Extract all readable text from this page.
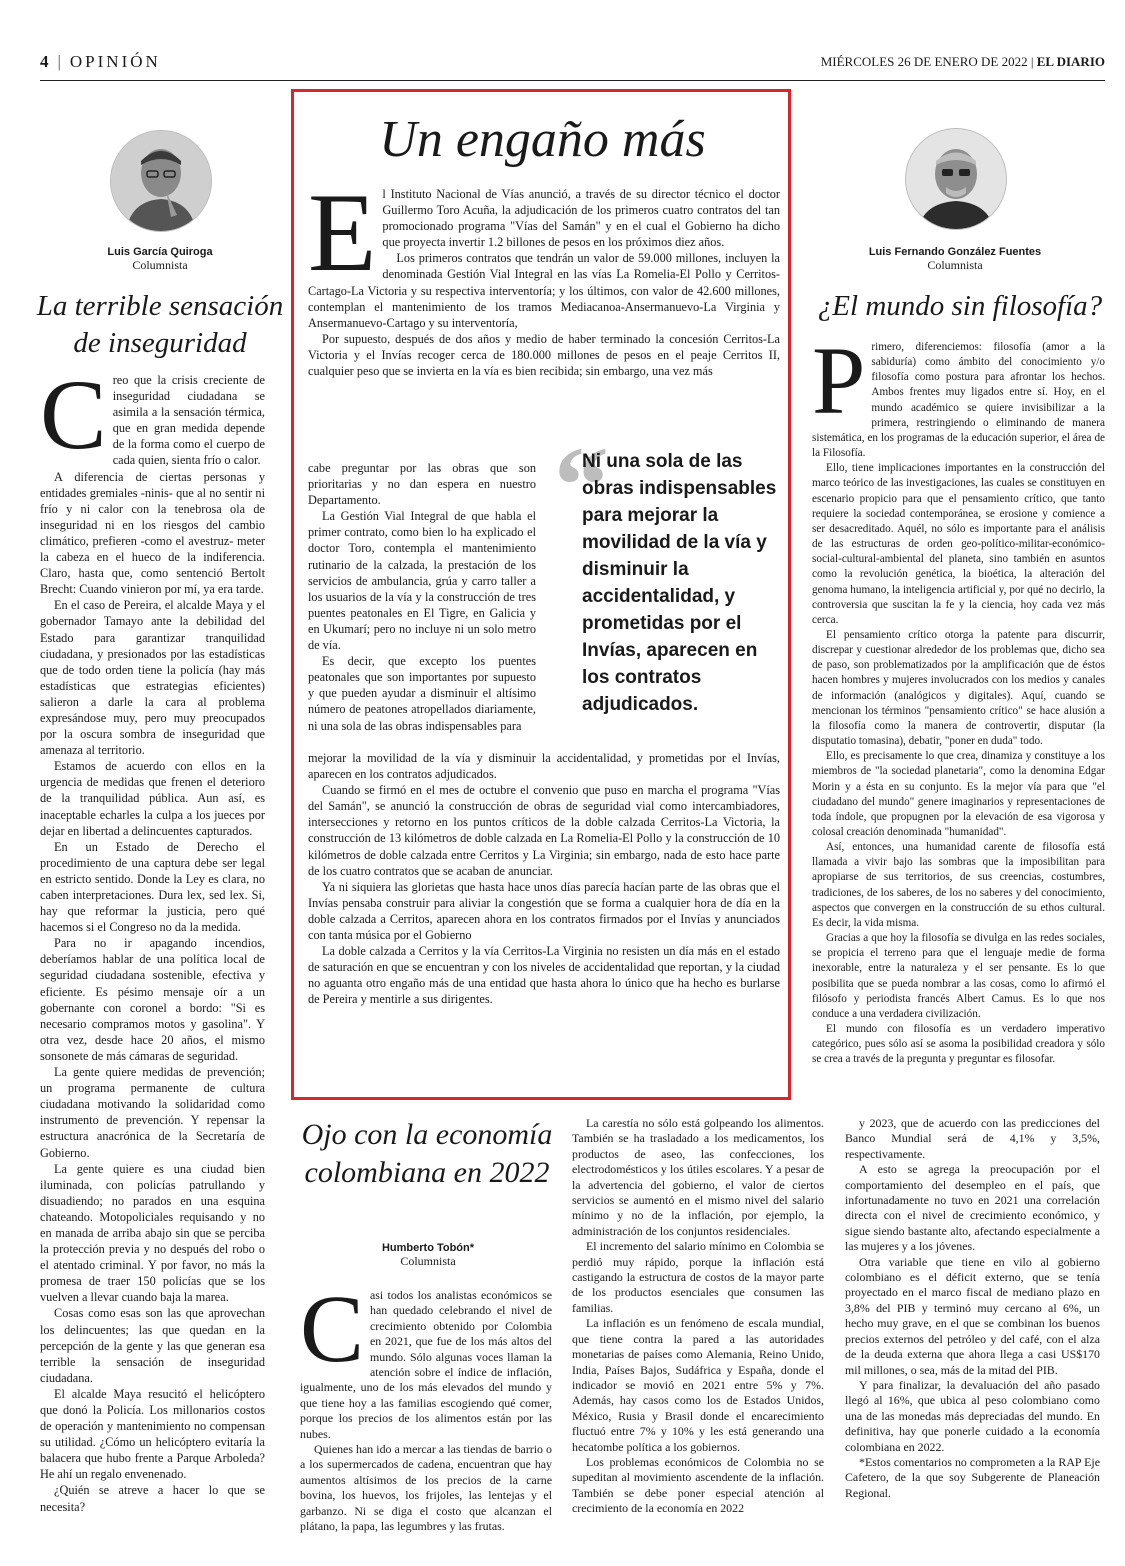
4 | OPINIÓN	MIÉRCOLES 26 DE ENERO DE 2022 | EL DIARIO
Luis García Quiroga
Columnista
La terrible sensación de inseguridad
C reo que la crisis creciente de inseguridad ciudadana se asimila a la sensación térmica, que en gran medida depende de la forma como el cuerpo de cada quien, sienta frío o calor.

A diferencia de ciertas personas y entidades gremiales -ninis- que al no sentir ni frío y ni calor con la tenebrosa ola de inseguridad ni en los riesgos del cambio climático, prefieren -como el avestruz- meter la cabeza en el hueco de la indiferencia. Claro, hasta que, como sentenció Bertolt Brecht: Cuando vinieron por mí, ya era tarde.

En el caso de Pereira, el alcalde Maya y el gobernador Tamayo ante la debilidad del Estado para garantizar tranquilidad ciudadana, y presionados por las estadísticas que de todo orden tiene la policía (hay más estadísticas que estrategias eficientes) salieron a darle la cara al problema expresándose muy, pero muy preocupados por la oscura sombra de inseguridad que amenaza al territorio.

Estamos de acuerdo con ellos en la urgencia de medidas que frenen el deterioro de la tranquilidad pública. Aun así, es inaceptable echarles la culpa a los jueces por dejar en libertad a delincuentes capturados.

En un Estado de Derecho el procedimiento de una captura debe ser legal en estricto sentido. Donde la Ley es clara, no caben interpretaciones. Dura lex, sed lex. Si, hay que reformar la justicia, pero qué hacemos si el Congreso no da la medida.

Para no ir apagando incendios, deberíamos hablar de una política local de seguridad ciudadana sostenible, efectiva y eficiente. Es pésimo mensaje oír a un gobernante con coronel a bordo: "Si es necesario compramos motos y gasolina". Y otra vez, desde hace 20 años, el mismo sonsonete de más cámaras de seguridad.

La gente quiere medidas de prevención; un programa permanente de cultura ciudadana motivando la solidaridad como instrumento de prevención. Y repensar la estructura anacrónica de la Secretaría de Gobierno.

La gente quiere es una ciudad bien iluminada, con policías patrullando y disuadiendo; no parados en una esquina chateando. Motopoliciales requisando y no en manada de arriba abajo sin que se perciba la protección previa y no después del robo o el atentado criminal. Y por favor, no más la promesa de traer 150 policías que se los vuelven a llevar cuando baja la marea.

Cosas como esas son las que aprovechan los delincuentes; las que quedan en la percepción de la gente y las que generan esa terrible la sensación de inseguridad ciudadana.

El alcalde Maya resucitó el helicóptero que donó la Policía. Los millonarios costos de operación y mantenimiento no compensan su utilidad. ¿Cómo un helicóptero evitaría la balacera que hubo frente a Parque Arboleda? He ahí un regalo envenenado.

¿Quién se atreve a hacer lo que se necesita?

Un engaño más
E l Instituto Nacional de Vías anunció, a través de su director técnico el doctor Guillermo Toro Acuña, la adjudicación de los primeros cuatro contratos del tan promocionado programa "Vías del Samán" y en el cual el Gobierno ha dicho que proyecta invertir 1.2 billones de pesos en los próximos diez años.

Los primeros contratos que tendrán un valor de 59.000 millones, incluyen la denominada Gestión Vial Integral en las vías La Romelia-El Pollo y Cerritos-Cartago-La Victoria y su respectiva interventoría; y los últimos, con valor de 42.600 millones, contemplan el mantenimiento de los tramos Mediacanoa-Ansermanuevo-La Virginia y Ansermanuevo-Cartago y su interventoría,

Por supuesto, después de dos años y medio de haber terminado la concesión Cerritos-La Victoria y el Invías recoger cerca de 180.000 millones de pesos en el peaje Cerritos II, cualquier peso que se invierta en la vía es bien recibida; sin embargo, una vez más

cabe preguntar por las obras que son prioritarias y no dan espera en nuestro Departamento.

La Gestión Vial Integral de que habla el primer contrato, como bien lo ha explicado el doctor Toro, contempla el mantenimiento rutinario de la calzada, la prestación de los servicios de ambulancia, grúa y carro taller a los usuarios de la vía y la construcción de tres puentes peatonales en El Tigre, en Galicia y en Ukumarí; pero no incluye ni un solo metro de vía.

Es decir, que excepto los puentes peatonales que son importantes por supuesto y que pueden ayudar a disminuir el altísimo número de peatones atropellados diariamente, ni una sola de las obras indispensables para

“
Ni una sola de las obras indispensables para mejorar la movilidad de la vía y disminuir la accidentalidad, y prometidas por el Invías, aparecen en los contratos adjudicados.

mejorar la movilidad de la vía y disminuir la accidentalidad, y prometidas por el Invías, aparecen en los contratos adjudicados.

Cuando se firmó en el mes de octubre el convenio que puso en marcha el programa "Vías del Samán", se anunció la construcción de obras de seguridad vial como intercambiadores, intersecciones y retorno en los puntos críticos de la doble calzada Cerritos-La Victoria, la construcción de 13 kilómetros de doble calzada en La Romelia-El Pollo y la construcción de 10 kilómetros de doble calzada entre Cerritos y La Virginia; sin embargo, nada de esto hace parte de los cuatro contratos que se acaban de anunciar.

Ya ni siquiera las glorietas que hasta hace unos días parecía hacían parte de las obras que el Invías pensaba construir para aliviar la congestión que se forma a cualquier hora de día en la doble calzada a Cerritos, aparecen ahora en los contratos firmados por el Invías y anunciados con tanta música por el Gobierno

La doble calzada a Cerritos y la vía Cerritos-La Virginia no resisten un día más en el estado de saturación en que se encuentran y con los niveles de accidentalidad que reportan, y la ciudad no aguanta otro engaño más de una entidad que hasta ahora lo único que ha hecho es burlarse de Pereira y mentirle a sus dirigentes.

Luis Fernando González Fuentes
Columnista
¿El mundo sin filosofía?
P rimero, diferenciemos: filosofía (amor a la sabiduría) como ámbito del conocimiento y/o filosofía como postura para afrontar los hechos. Ambos frentes muy ligados entre sí. Hoy, en el mundo académico se quiere invisibilizar a la primera, restringiendo o eliminando de manera sistemática, en los programas de la educación superior, el área de la Filosofía.

Ello, tiene implicaciones importantes en la construcción del marco teórico de las investigaciones, las cuales se constituyen en escenario propicio para que el pensamiento crítico, que tanto requiere la sociedad contemporánea, se erosione y comience a ser desacreditado. Aquél, no sólo es importante para el análisis de las estructuras de orden geo-político-militar-económico-social-cultural-ambiental del planeta, sino también en asuntos como la revolución genética, la bioética, la alteración del genoma humano, la inteligencia artificial y, por qué no decirlo, la controversia que suscitan la fe y la ciencia, hoy cada vez más cerca.

El pensamiento crítico otorga la patente para discurrir, discrepar y cuestionar alrededor de los problemas que, dicho sea de paso, son problematizados por la amplificación que de éstos hacen hombres y mujeres involucrados con los medios y canales de información (analógicos y digitales). Aquí, cuando se mencionan los términos "pensamiento crítico" se hace alusión a la filosofía como la manera de controvertir, disputar (la disputatio tomasina), debatir, "poner en duda" todo.

Ello, es precisamente lo que crea, dinamiza y constituye a los miembros de "la sociedad planetaria", como la denomina Edgar Morin y a ésta en su conjunto. Es la mejor vía para que "el ciudadano del mundo" genere imaginarios y representaciones de toda índole, que propugnen por la elevación de esa vigorosa y colosal creación denominada "humanidad".

Así, entonces, una humanidad carente de filosofía está llamada a vivir bajo las sombras que la imposibilitan para apropiarse de sus territorios, de sus creencias, costumbres, tradiciones, de los saberes, de los no saberes y del conocimiento, aspectos que convergen en la construcción de su ethos cultural. Es decir, la vida misma.

Gracias a que hoy la filosofía se divulga en las redes sociales, se propicia el terreno para que el lenguaje medie de forma inexorable, entre la naturaleza y el ser pensante. Es lo que posibilita que se pueda nombrar a las cosas, como lo afirmó el filósofo y periodista francés Albert Camus. Es lo que nos conduce a una verdadera civilización.

El mundo con filosofía es un verdadero imperativo categórico, pues sólo así se asoma la posibilidad creadora y sólo se crea a través de la pregunta y preguntar es filosofar.

Ojo con la economía colombiana en 2022
Humberto Tobón*
Columnista
C asi todos los analistas económicos se han quedado celebrando el nivel de crecimiento obtenido por Colombia en 2021, que fue de los más altos del mundo. Sólo algunas voces llaman la atención sobre el índice de inflación, igualmente, uno de los más elevados del mundo y que tiene hoy a las familias escogiendo qué comer, porque los precios de los alimentos están por las nubes.

Quienes han ido a mercar a las tiendas de barrio o a los supermercados de cadena, encuentran que hay aumentos altísimos de los precios de la carne bovina, los huevos, los frijoles, las lentejas y el garbanzo. Ni se diga el costo que alcanzan el plátano, la papa, las legumbres y las frutas.

La carestía no sólo está golpeando los alimentos. También se ha trasladado a los medicamentos, los productos de aseo, las confecciones, los electrodomésticos y los útiles escolares. Y a pesar de la advertencia del gobierno, el valor de ciertos servicios se aumentó en el mismo nivel del salario mínimo y no de la inflación, por ejemplo, la administración de los conjuntos residenciales.

El incremento del salario mínimo en Colombia se perdió muy rápido, porque la inflación está castigando la estructura de costos de la mayor parte de los productos esenciales que consumen las familias.

La inflación es un fenómeno de escala mundial, que tiene contra la pared a las autoridades monetarias de países como Alemania, Reino Unido, India, Países Bajos, Sudáfrica y España, donde el indicador se movió en 2021 entre 5% y 7%. Además, hay casos como los de Estados Unidos, México, Rusia y Brasil donde el encarecimiento fluctuó entre 7% y 10% y les está generando una hecatombe política a los gobiernos.

Los problemas económicos de Colombia no se supeditan al movimiento ascendente de la inflación. También se debe poner especial atención al crecimiento de la economía en 2022

y 2023, que de acuerdo con las predicciones del Banco Mundial será de 4,1% y 3,5%, respectivamente.

A esto se agrega la preocupación por el comportamiento del desempleo en el país, que infortunadamente no tuvo en 2021 una correlación directa con el nivel de crecimiento económico, y sigue siendo bastante alto, afectando especialmente a las mujeres y a los jóvenes.

Otra variable que tiene en vilo al gobierno colombiano es el déficit externo, que se tenía proyectado en el marco fiscal de mediano plazo en 3,8% del PIB y terminó muy cercano al 6%, un hecho muy grave, en el que se combinan los buenos precios externos del petróleo y del café, con el alza de la deuda externa que ahora llega a casi US$170 mil millones, o sea, más de la mitad del PIB.

Y para finalizar, la devaluación del año pasado llegó al 16%, que ubica al peso colombiano como una de las monedas más depreciadas del mundo. En definitiva, hay que ponerle cuidado a la economía colombiana en 2022.

*Estos comentarios no comprometen a la RAP Eje Cafetero, de la que soy Subgerente de Planeación Regional.
